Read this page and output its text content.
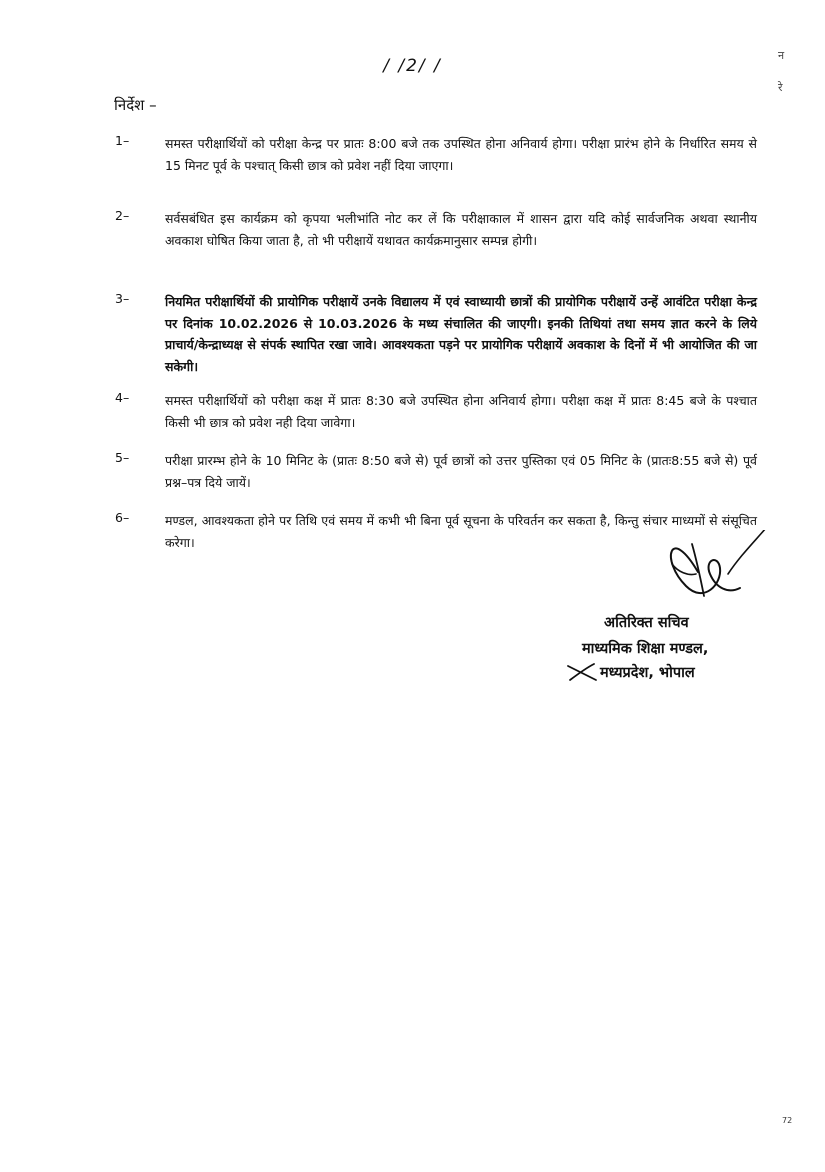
/ /2/ /
न
रे
निर्देश –
1–	समस्त परीक्षार्थियों को परीक्षा केन्द्र पर प्रातः 8:00 बजे तक उपस्थित होना अनिवार्य होगा। परीक्षा प्रारंभ होने के निर्धारित समय से 15 मिनट पूर्व के पश्चात् किसी छात्र को प्रवेश नहीं दिया जाएगा।
2–	सर्वसबंधित इस कार्यक्रम को कृपया भलीभांति नोट कर लें कि परीक्षाकाल में शासन द्वारा यदि कोई सार्वजनिक अथवा स्थानीय अवकाश घोषित किया जाता है, तो भी परीक्षायें यथावत कार्यक्रमानुसार सम्पन्न होगी।
3–	नियमित परीक्षार्थियों की प्रायोगिक परीक्षायें उनके विद्यालय में एवं स्वाध्यायी छात्रों की प्रायोगिक परीक्षायें उन्हें आवंटित परीक्षा केन्द्र पर दिनांक 10.02.2026 से 10.03.2026 के मध्य संचालित की जाएगी। इनकी तिथियां तथा समय ज्ञात करने के लिये प्राचार्य/केन्द्राध्यक्ष से संपर्क स्थापित रखा जावे। आवश्यकता पड़ने पर प्रायोगिक परीक्षायें अवकाश के दिनों में भी आयोजित की जा सकेगी।
4–	समस्त परीक्षार्थियों को परीक्षा कक्ष में प्रातः 8:30 बजे उपस्थित होना अनिवार्य होगा। परीक्षा कक्ष में प्रातः 8:45 बजे के पश्चात किसी भी छात्र को प्रवेश नही दिया जावेगा।
5–	परीक्षा प्रारम्भ होने के 10 मिनिट के (प्रातः 8:50 बजे से) पूर्व छात्रों को उत्तर पुस्तिका एवं 05 मिनिट के (प्रातः8:55 बजे से) पूर्व प्रश्न–पत्र दिये जायें।
6–	मण्डल, आवश्यकता होने पर तिथि एवं समय में कभी भी बिना पूर्व सूचना के परिवर्तन कर सकता है, किन्तु संचार माध्यमों से संसूचित करेगा।
अतिरिक्त सचिव
माध्यमिक शिक्षा मण्डल,
मध्यप्रदेश, भोपाल
72
